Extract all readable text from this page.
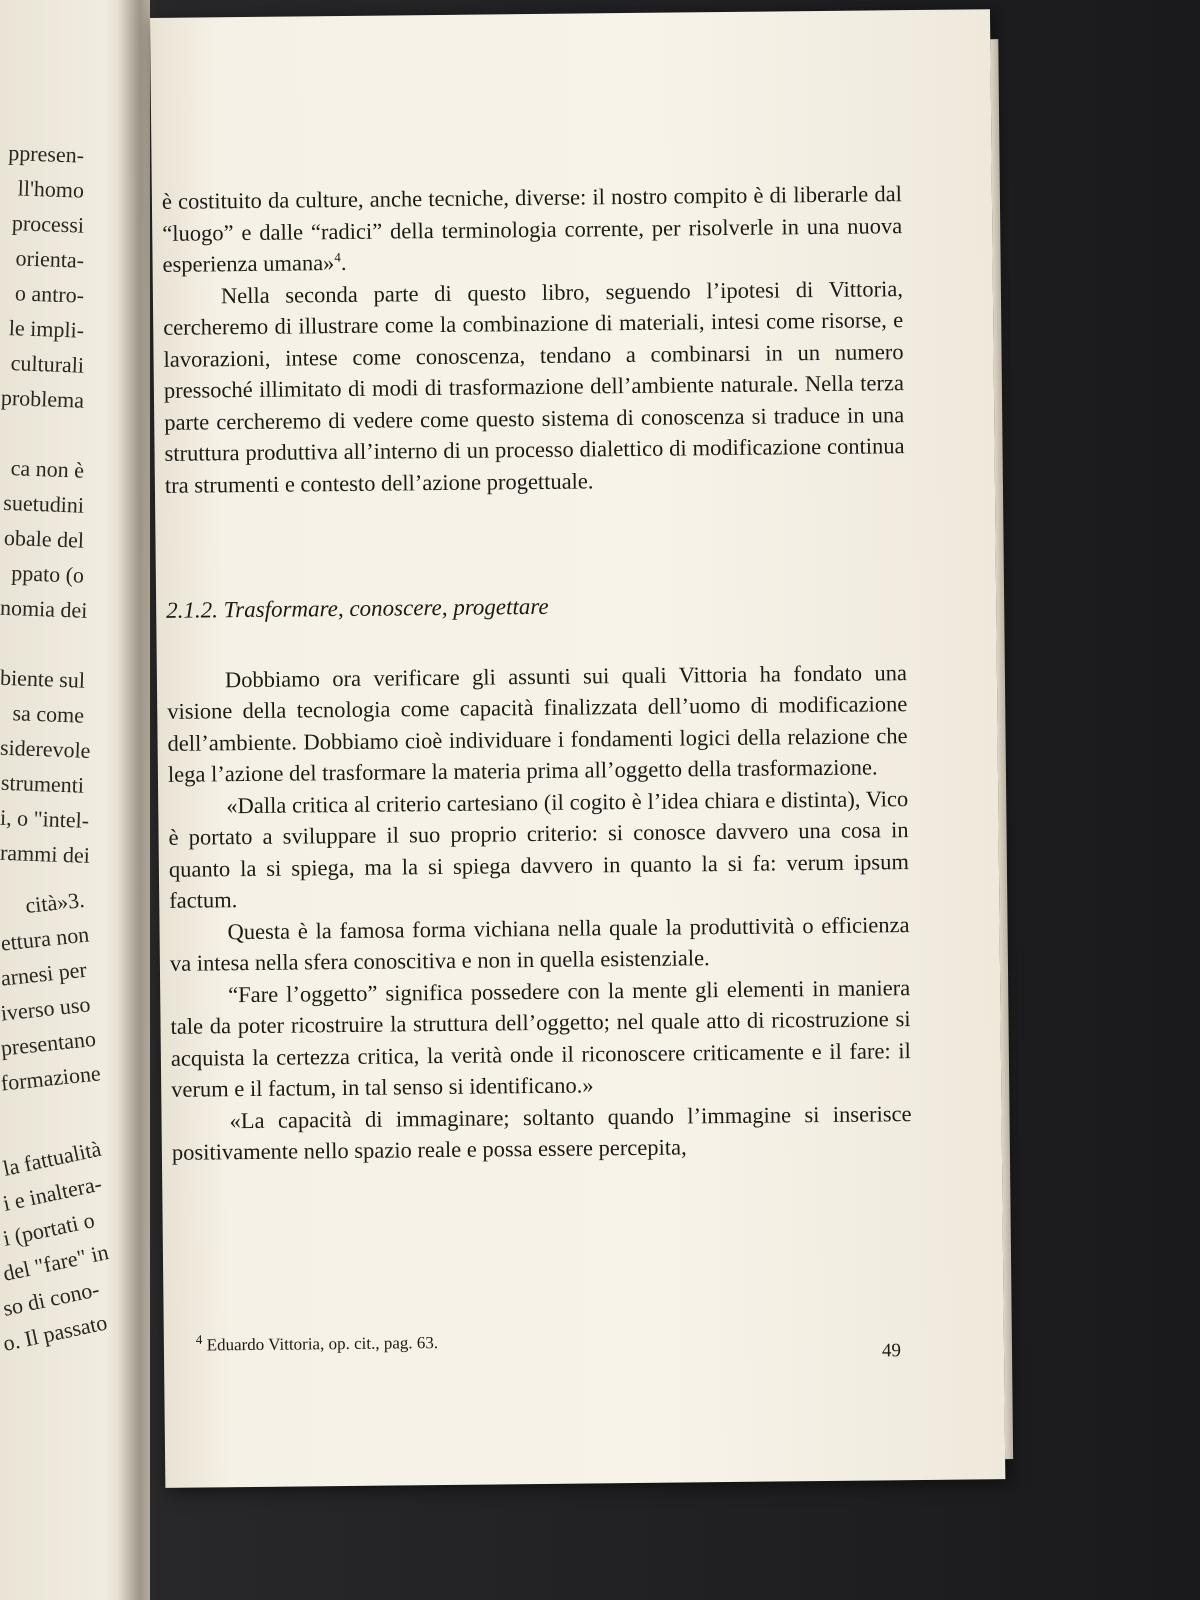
ppresen-
ll'homo
processi
orienta-
o antro-
le impli-
culturali
problema
ca non è
suetudini
obale del
ppato (o
nomia dei
biente sul
sa come
siderevole
strumenti
i, o "intel-
rammi dei
cità»3.
ettura non
arnesi per
iverso uso
presentano
formazione
la fattualità
i e inaltera-
i (portati o
del "fare" in
so di cono-
o. Il passato

è costituito da culture, anche tecniche, diverse: il nostro compito è di liberarle dal “luogo” e dalle “radici” della terminologia corrente, per risolverle in una nuova esperienza umana»$^4$.

Nella seconda parte di questo libro, seguendo l’ipotesi di Vittoria, cercheremo di illustrare come la combinazione di materiali, intesi come risorse, e lavorazioni, intese come conoscenza, tendano a combinarsi in un numero pressoché illimitato di modi di trasformazione dell’ambiente naturale. Nella terza parte cercheremo di vedere come questo sistema di conoscenza si traduce in una struttura produttiva all’interno di un processo dialettico di modificazione continua tra strumenti e contesto dell’azione progettuale.

2.1.2. Trasformare, conoscere, progettare

Dobbiamo ora verificare gli assunti sui quali Vittoria ha fondato una visione della tecnologia come capacità finalizzata dell’uomo di modificazione dell’ambiente. Dobbiamo cioè individuare i fondamenti logici della relazione che lega l’azione del trasformare la materia prima all’oggetto della trasformazione.

«Dalla critica al criterio cartesiano (il cogito è l’idea chiara e distinta), Vico è portato a sviluppare il suo proprio criterio: si conosce davvero una cosa in quanto la si spiega, ma la si spiega davvero in quanto la si fa: verum ipsum factum.

Questa è la famosa forma vichiana nella quale la produttività o efficienza va intesa nella sfera conoscitiva e non in quella esistenziale.

“Fare l’oggetto” significa possedere con la mente gli elementi in maniera tale da poter ricostruire la struttura dell’oggetto; nel quale atto di ricostruzione si acquista la certezza critica, la verità onde il riconoscere criticamente e il fare: il verum e il factum, in tal senso si identificano.»

«La capacità di immaginare; soltanto quando l’immagine si inserisce positivamente nello spazio reale e possa essere percepita,

$^4$ Eduardo Vittoria, op. cit., pag. 63.	49
